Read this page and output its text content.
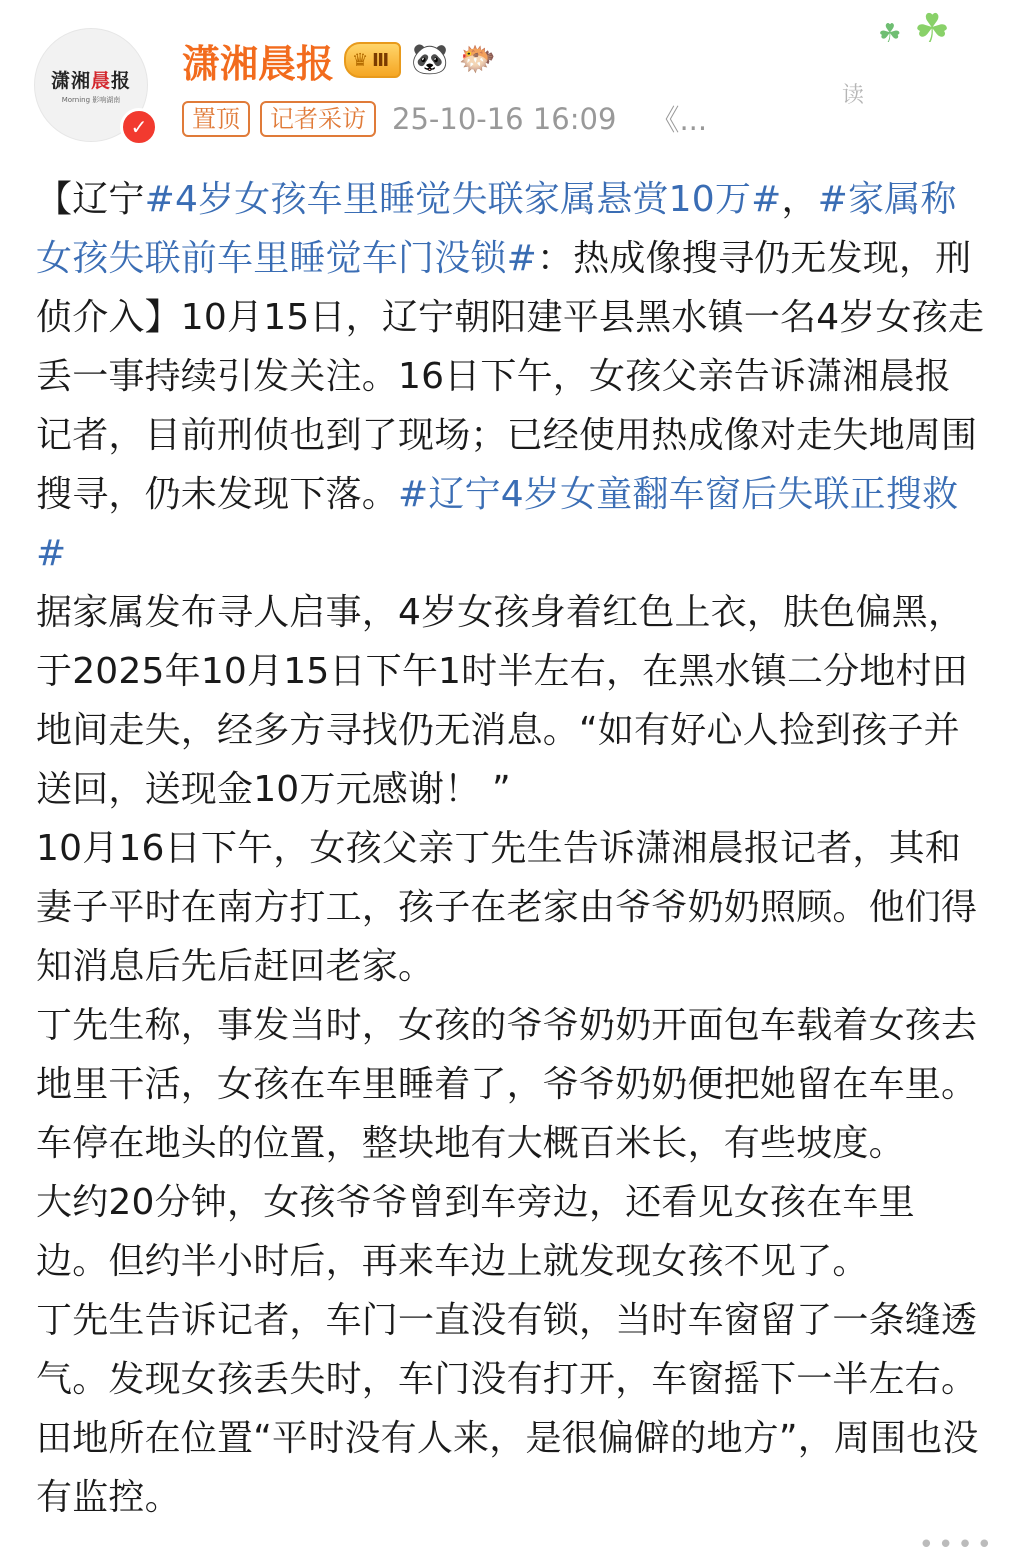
潇湘晨报
Morning 影响湖南
✓
潇湘晨报 ♛ Ⅲ 🐼 🐡
置顶	记者采访 25-10-16 16:09 《...
☘ ☘
读

【辽宁#4岁女孩车里睡觉失联家属悬赏10万#，#家属称女孩失联前车里睡觉车门没锁#：热成像搜寻仍无发现，刑侦介入】10月15日，辽宁朝阳建平县黑水镇一名4岁女孩走丢一事持续引发关注。16日下午，女孩父亲告诉潇湘晨报记者，目前刑侦也到了现场；已经使用热成像对走失地周围搜寻，仍未发现下落。#辽宁4岁女童翻车窗后失联正搜救#

据家属发布寻人启事，4岁女孩身着红色上衣，肤色偏黑，于2025年10月15日下午1时半左右，在黑水镇二分地村田地间走失，经多方寻找仍无消息。“如有好心人捡到孩子并送回，送现金10万元感谢！ ”

10月16日下午，女孩父亲丁先生告诉潇湘晨报记者，其和妻子平时在南方打工，孩子在老家由爷爷奶奶照顾。他们得知消息后先后赶回老家。

丁先生称，事发当时，女孩的爷爷奶奶开面包车载着女孩去地里干活，女孩在车里睡着了，爷爷奶奶便把她留在车里。车停在地头的位置，整块地有大概百米长，有些坡度。

大约20分钟，女孩爷爷曾到车旁边，还看见女孩在车里边。但约半小时后，再来车边上就发现女孩不见了。

丁先生告诉记者，车门一直没有锁，当时车窗留了一条缝透气。发现女孩丢失时，车门没有打开，车窗摇下一半左右。田地所在位置“平时没有人来，是很偏僻的地方”，周围也没有监控。

••••
